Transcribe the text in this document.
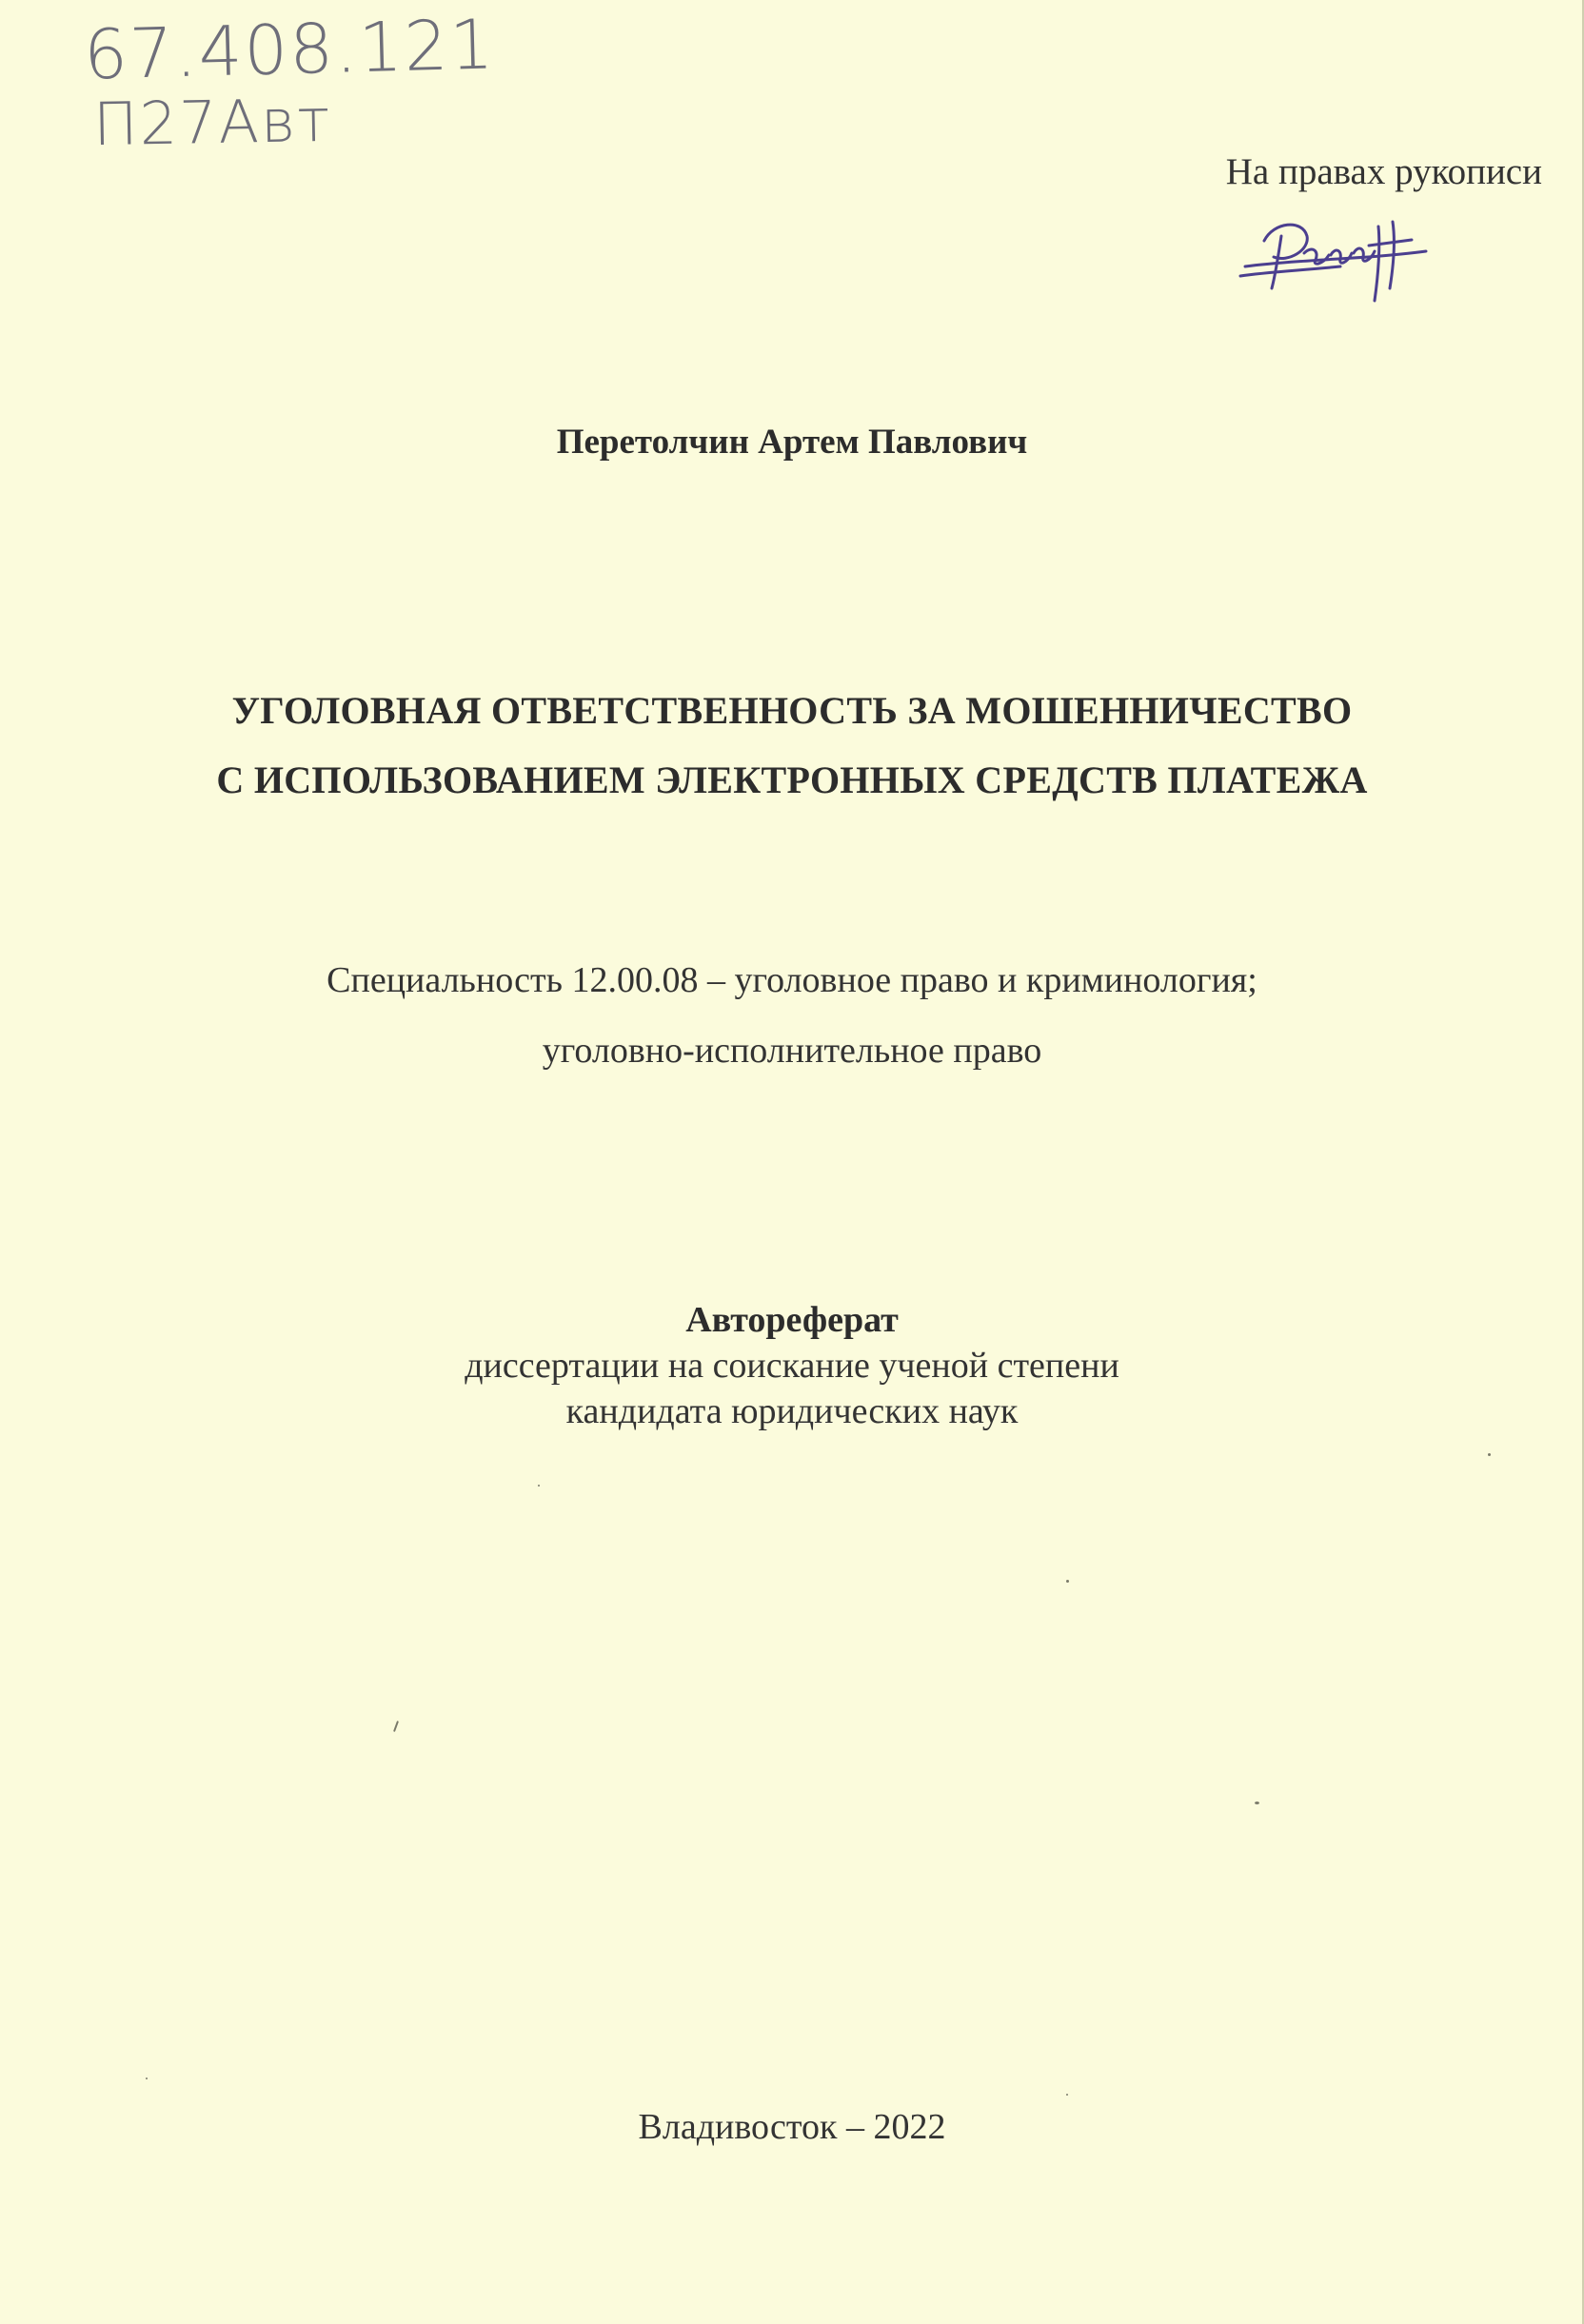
67.408.121
П27Авт
На правах рукописи
Перетолчин Артем Павлович
УГОЛОВНАЯ ОТВЕТСТВЕННОСТЬ ЗА МОШЕННИЧЕСТВО
С ИСПОЛЬЗОВАНИЕМ ЭЛЕКТРОННЫХ СРЕДСТВ ПЛАТЕЖА
Специальность 12.00.08 – уголовное право и криминология;
уголовно-исполнительное право
Автореферат
диссертации на соискание ученой степени
кандидата юридических наук
Владивосток – 2022
